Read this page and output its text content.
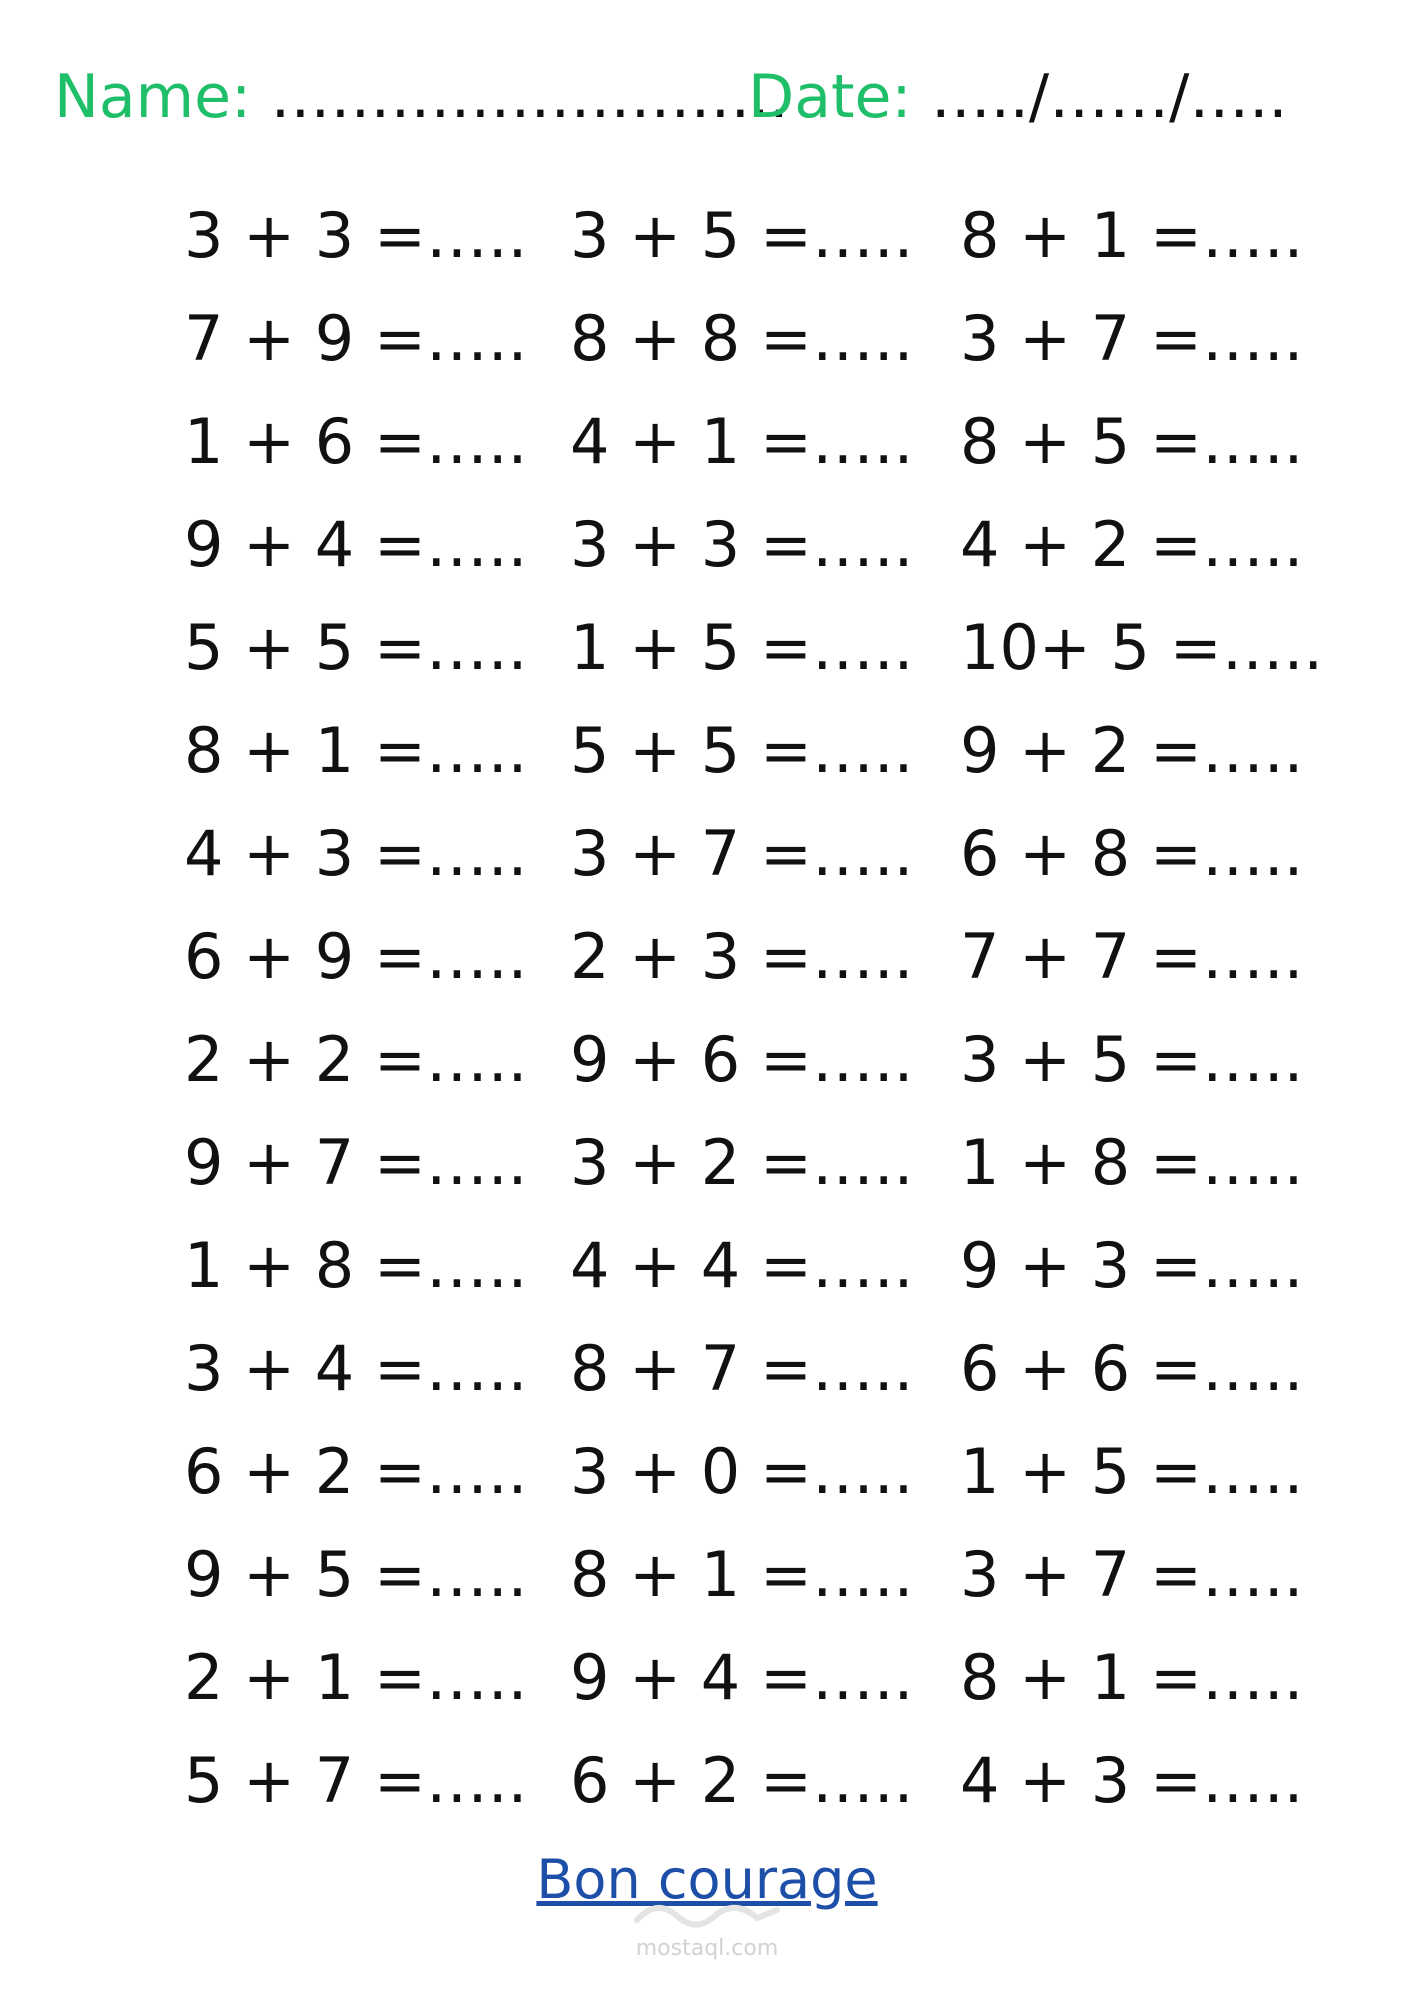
Name: ……………………..
Date: …../……/…..
3 + 3 =…..
7 + 9 =…..
1 + 6 =…..
9 + 4 =…..
5 + 5 =…..
8 + 1 =…..
4 + 3 =…..
6 + 9 =…..
2 + 2 =…..
9 + 7 =…..
1 + 8 =…..
3 + 4 =…..
6 + 2 =…..
9 + 5 =…..
2 + 1 =…..
5 + 7 =…..
3 + 5 =…..
8 + 8 =…..
4 + 1 =…..
3 + 3 =…..
1 + 5 =…..
5 + 5 =…..
3 + 7 =…..
2 + 3 =…..
9 + 6 =…..
3 + 2 =…..
4 + 4 =…..
8 + 7 =…..
3 + 0 =…..
8 + 1 =…..
9 + 4 =…..
6 + 2 =…..
8 + 1 =…..
3 + 7 =…..
8 + 5 =…..
4 + 2 =…..
10+ 5 =…..
9 + 2 =…..
6 + 8 =…..
7 + 7 =…..
3 + 5 =…..
1 + 8 =…..
9 + 3 =…..
6 + 6 =…..
1 + 5 =…..
3 + 7 =…..
8 + 1 =…..
4 + 3 =…..
Bon courage
mostaql.com
